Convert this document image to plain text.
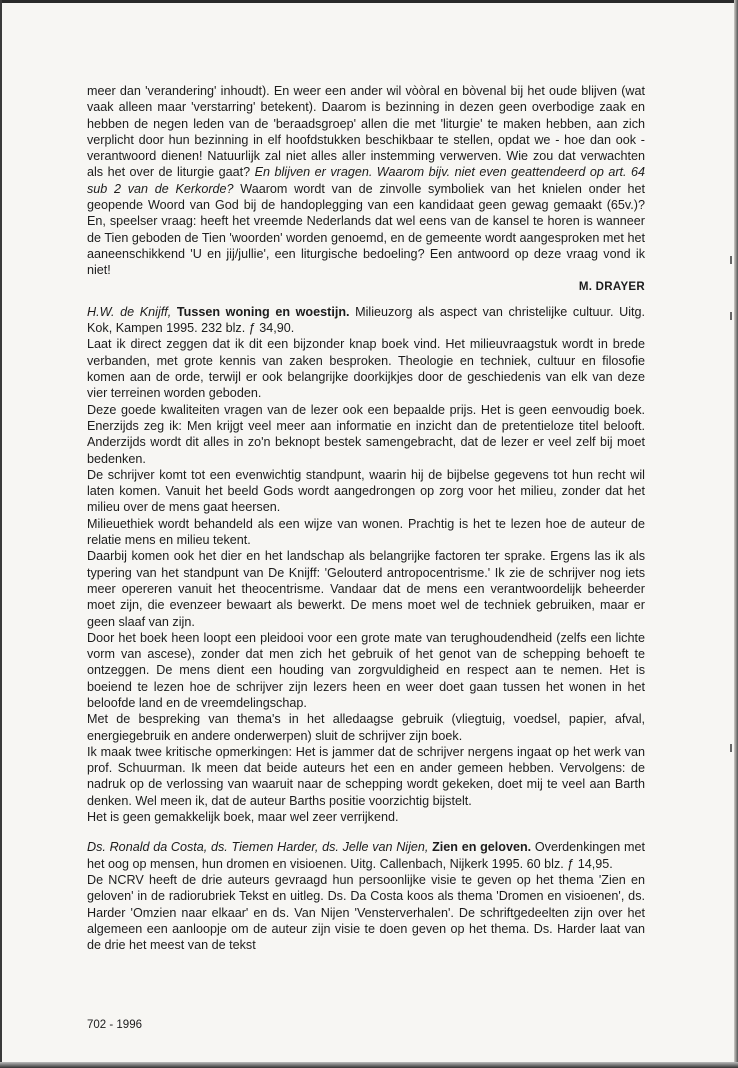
meer dan 'verandering' inhoudt). En weer een ander wil vòòral en bòvenal bij het oude blijven (wat vaak alleen maar 'verstarring' betekent). Daarom is bezinning in dezen geen overbodige zaak en hebben de negen leden van de 'beraadsgroep' allen die met 'liturgie' te maken hebben, aan zich verplicht door hun bezinning in elf hoofdstukken beschikbaar te stellen, opdat we - hoe dan ook - verantwoord dienen! Natuurlijk zal niet alles aller instemming verwerven. Wie zou dat verwachten als het over de liturgie gaat? En blijven er vragen. Waarom bijv. niet even geattendeerd op art. 64 sub 2 van de Kerkorde? Waarom wordt van de zinvolle symboliek van het knielen onder het geopende Woord van God bij de handoplegging van een kandidaat geen gewag gemaakt (65v.)? En, speelser vraag: heeft het vreemde Nederlands dat wel eens van de kansel te horen is wanneer de Tien geboden de Tien 'woorden' worden genoemd, en de gemeente wordt aangesproken met het aaneenschikkend 'U en jij/jullie', een liturgische bedoeling? Een antwoord op deze vraag vond ik niet!

M. DRAYER

H.W. de Knijff, Tussen woning en woestijn. Milieuzorg als aspect van christelijke cultuur. Uitg. Kok, Kampen 1995. 232 blz. ƒ 34,90.

Laat ik direct zeggen dat ik dit een bijzonder knap boek vind. Het milieuvraagstuk wordt in brede verbanden, met grote kennis van zaken besproken. Theologie en techniek, cultuur en filosofie komen aan de orde, terwijl er ook belangrijke doorkijkjes door de geschiedenis van elk van deze vier terreinen worden geboden.

Deze goede kwaliteiten vragen van de lezer ook een bepaalde prijs. Het is geen eenvoudig boek. Enerzijds zeg ik: Men krijgt veel meer aan informatie en inzicht dan de pretentieloze titel belooft. Anderzijds wordt dit alles in zo'n beknopt bestek samengebracht, dat de lezer er veel zelf bij moet bedenken.

De schrijver komt tot een evenwichtig standpunt, waarin hij de bijbelse gegevens tot hun recht wil laten komen. Vanuit het beeld Gods wordt aangedrongen op zorg voor het milieu, zonder dat het milieu over de mens gaat heersen.

Milieuethiek wordt behandeld als een wijze van wonen. Prachtig is het te lezen hoe de auteur de relatie mens en milieu tekent.

Daarbij komen ook het dier en het landschap als belangrijke factoren ter sprake. Ergens las ik als typering van het standpunt van De Knijff: 'Gelouterd antropocentrisme.' Ik zie de schrijver nog iets meer opereren vanuit het theocentrisme. Vandaar dat de mens een verantwoordelijk beheerder moet zijn, die evenzeer bewaart als bewerkt. De mens moet wel de techniek gebruiken, maar er geen slaaf van zijn.

Door het boek heen loopt een pleidooi voor een grote mate van terughoudendheid (zelfs een lichte vorm van ascese), zonder dat men zich het gebruik of het genot van de schepping behoeft te ontzeggen. De mens dient een houding van zorgvuldigheid en respect aan te nemen. Het is boeiend te lezen hoe de schrijver zijn lezers heen en weer doet gaan tussen het wonen in het beloofde land en de vreemdelingschap.

Met de bespreking van thema's in het alledaagse gebruik (vliegtuig, voedsel, papier, afval, energiegebruik en andere onderwerpen) sluit de schrijver zijn boek.

Ik maak twee kritische opmerkingen: Het is jammer dat de schrijver nergens ingaat op het werk van prof. Schuurman. Ik meen dat beide auteurs het een en ander gemeen hebben. Vervolgens: de nadruk op de verlossing van waaruit naar de schepping wordt gekeken, doet mij te veel aan Barth denken. Wel meen ik, dat de auteur Barths positie voorzichtig bijstelt.

Het is geen gemakkelijk boek, maar wel zeer verrijkend.

Ds. Ronald da Costa, ds. Tiemen Harder, ds. Jelle van Nijen, Zien en geloven. Overdenkingen met het oog op mensen, hun dromen en visioenen. Uitg. Callenbach, Nijkerk 1995. 60 blz. ƒ 14,95.

De NCRV heeft de drie auteurs gevraagd hun persoonlijke visie te geven op het thema 'Zien en geloven' in de radiorubriek Tekst en uitleg. Ds. Da Costa koos als thema 'Dromen en visioenen', ds. Harder 'Omzien naar elkaar' en ds. Van Nijen 'Vensterverhalen'. De schriftgedeelten zijn over het algemeen een aanloopje om de auteur zijn visie te doen geven op het thema. Ds. Harder laat van de drie het meest van de tekst

702 - 1996
